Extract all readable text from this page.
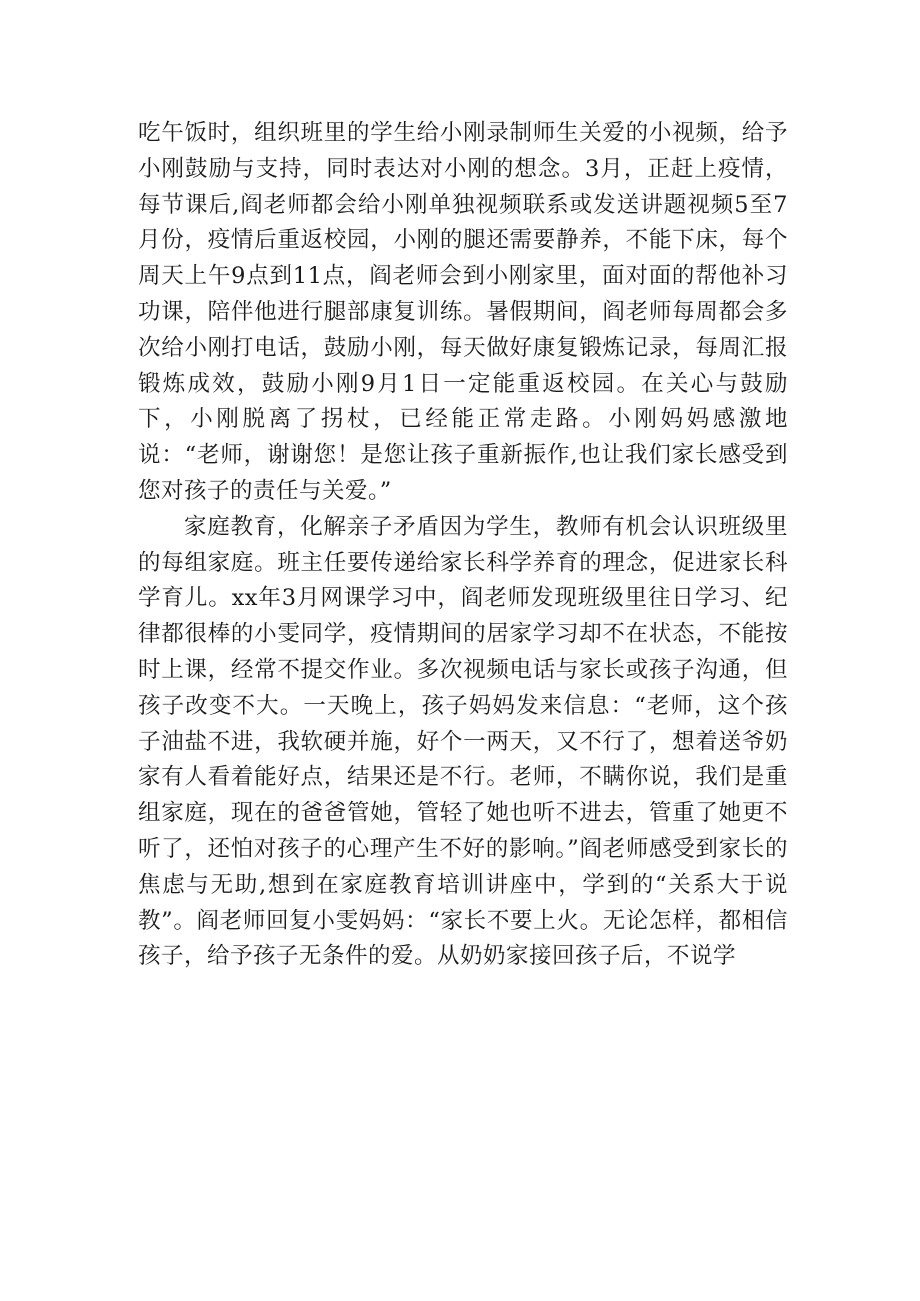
吃午饭时，组织班里的学生给小刚录制师生关爱的小视频，给予小刚鼓励与支持，同时表达对小刚的想念。3月，正赶上疫情，每节课后,阎老师都会给小刚单独视频联系或发送讲题视频5至7月份，疫情后重返校园，小刚的腿还需要静养，不能下床，每个周天上午9点到11点，阎老师会到小刚家里，面对面的帮他补习功课，陪伴他进行腿部康复训练。暑假期间，阎老师每周都会多次给小刚打电话，鼓励小刚，每天做好康复锻炼记录，每周汇报锻炼成效，鼓励小刚9月1日一定能重返校园。在关心与鼓励下，小刚脱离了拐杖，已经能正常走路。小刚妈妈感激地说：“老师，谢谢您！是您让孩子重新振作,也让我们家长感受到您对孩子的责任与关爱。”

家庭教育，化解亲子矛盾因为学生，教师有机会认识班级里的每组家庭。班主任要传递给家长科学养育的理念，促进家长科学育儿。xx年3月网课学习中，阎老师发现班级里往日学习、纪律都很棒的小雯同学，疫情期间的居家学习却不在状态，不能按时上课，经常不提交作业。多次视频电话与家长或孩子沟通，但孩子改变不大。一天晚上，孩子妈妈发来信息：“老师，这个孩子油盐不进，我软硬并施，好个一两天，又不行了，想着送爷奶家有人看着能好点，结果还是不行。老师，不瞒你说，我们是重组家庭，现在的爸爸管她，管轻了她也听不进去，管重了她更不听了，还怕对孩子的心理产生不好的影响。”阎老师感受到家长的焦虑与无助,想到在家庭教育培训讲座中，学到的“关系大于说教”。阎老师回复小雯妈妈：“家长不要上火。无论怎样，都相信孩子，给予孩子无条件的爱。从奶奶家接回孩子后，不说学
